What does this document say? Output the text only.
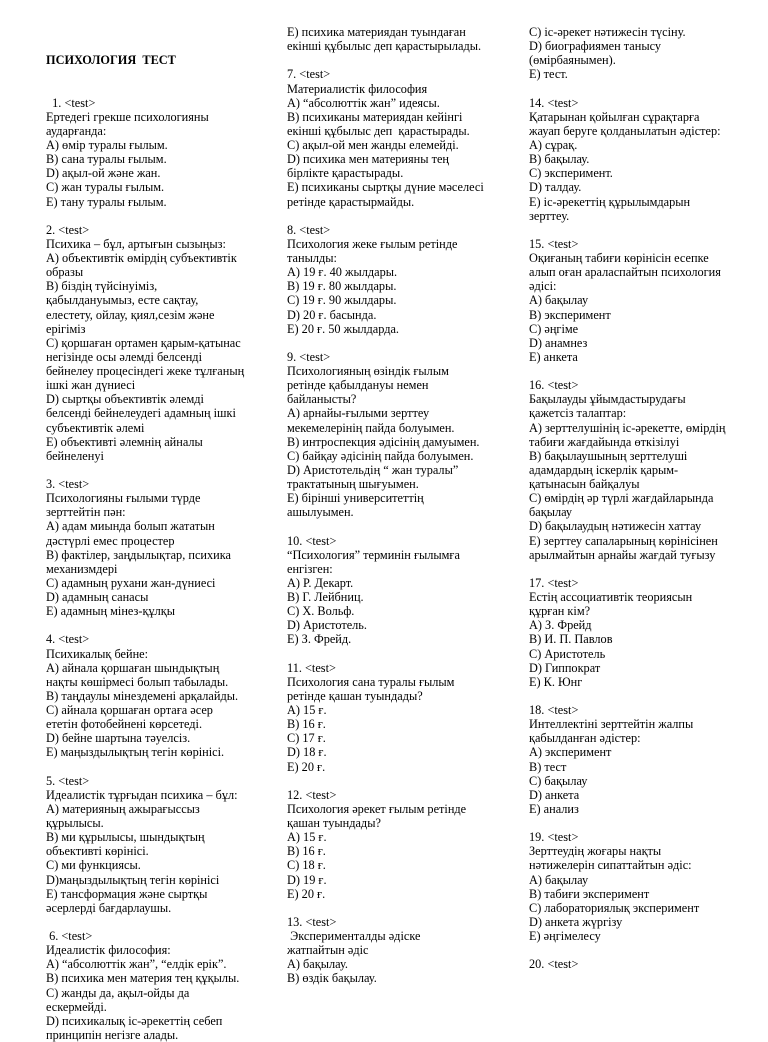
ПСИХОЛОГИЯ  ТЕСТ

1. <test>
Ертедегі грекше психологияны
аударғанда:
A) өмір туралы ғылым.
B) сана туралы ғылым.
D) ақыл-ой және жан.
C) жан туралы ғылым.
E) тану туралы ғылым.
2. <test>
Психика – бұл, артығын сызыңыз:
A) объективтік өмірдің субъективтік
образы
B) біздің түйсінуіміз,
қабылдануымыз, есте сақтау,
елестету, ойлау, қиял,сезім және
ерігіміз
C) қоршаған ортамен қарым-қатынас
негізінде осы әлемді белсенді
бейнелеу процесіндегі жеке тұлғаның
ішкі жан дүниесі
D) сыртқы объективтік әлемді
белсенді бейнелеудегі адамның ішкі
субъективтік әлемі
E) объективті әлемнің айналы
бейнеленуі
3. <test>
Психологияны ғылыми түрде
зерттейтін пән:
A) адам миында болып жататын
дәстүрлі емес процестер
B) фактілер, заңдылықтар, психика
механизмдері
C) адамның рухани жан-дүниесі
D) адамның санасы
E) адамның мінез-құлқы
4. <test>
Психикалық бейне:
A) айнала қоршаған шындықтың
нақты көшірмесі болып табылады.
B) таңдаулы мінездемені арқалайды.
C) айнала қоршаған ортаға әсер
ететін фотобейнені көрсетеді.
D) бейне шартына тәуелсіз.
E) маңыздылықтың тегін көрінісі.
5. <test>
Идеалистік тұрғыдан психика – бұл:
A) материяның ажырағыссыз
құрылысы.
B) ми құрылысы, шындықтың
объективті көрінісі.
C) ми функциясы.
D)маңыздылықтың тегін көрінісі
E) тансформация және сыртқы
әсерлерді бағдарлаушы.
6. <test>
Идеалистік философия:
A) “абсолюттік жан”, “елдік ерік”.
B) психика мен материя тең құқылы.
C) жанды да, ақыл-ойды да
ескермейді.
D) психикалық іс-әрекеттің себеп
принципін негізге алады.
E) психика материядан туындаған
екінші құбылыс деп қарастырылады.
7. <test>
Материалистік философия
A) “абсолюттік жан” идеясы.
B) психиканы материядан кейінгі
екінші құбылыс деп  қарастырады.
C) ақыл-ой мен жанды елемейді.
D) психика мен материяны тең
бірлікте қарастырады.
E) психиканы сыртқы дүние мәселесі
ретінде қарастырмайды.
8. <test>
Психология жеке ғылым ретінде
танылды:
A) 19 ғ. 40 жылдары.
B) 19 ғ. 80 жылдары.
C) 19 ғ. 90 жылдары.
D) 20 ғ. басында.
E) 20 ғ. 50 жылдарда.
9. <test>
Психологияның өзіндік ғылым
ретінде қабылдануы немен
байланысты?
A) арнайы-ғылыми зерттеу
мекемелерінің пайда болуымен.
B) интроспекция әдісінің дамуымен.
C) байқау әдісінің пайда болуымен.
D) Аристотельдің “ жан туралы”
трактатының шығуымен.
E) бірінші университеттің
ашылуымен.
10. <test>
“Психология” терминін ғылымға
енгізген:
A) Р. Декарт.
B) Г. Лейбниц.
C) Х. Вольф.
D) Аристотель.
E) З. Фрейд.
11. <test>
Психология сана туралы ғылым
ретінде қашан туындады?
A) 15 ғ.
B) 16 ғ.
C) 17 ғ.
D) 18 ғ.
E) 20 ғ.
12. <test>
Психология әрекет ғылым ретінде
қашан туындады?
A) 15 ғ.
B) 16 ғ.
C) 18 ғ.
D) 19 ғ.
E) 20 ғ.
13. <test>
Эксперименталды әдіске
жатпайтын әдіс
A) бақылау.
B) өздік бақылау.
C) іс-әрекет нәтижесін түсіну.
D) биографиямен танысу
(өмірбаянымен).
E) тест.
14. <test>
Қатарынан қойылған сұрақтарға
жауап беруге қолданылатын әдістер:
A) сұрақ.
B) бақылау.
C) эксперимент.
D) талдау.
E) іс-әрекеттің құрылымдарын
зерттеу.
15. <test>
Оқиғаның табиғи көрінісін есепке
алып оған араласпайтын психология
әдісі:
A) бақылау
B) эксперимент
C) әңгіме
D) анамнез
E) анкета
16. <test>
Бақылауды ұйымдастырудағы
қажетсіз талаптар:
A) зерттелушінің іс-әрекетте, өмірдің
табиғи жағдайында өткізілуі
B) бақылаушының зерттелуші
адамдардың іскерлік қарым-
қатынасын байқалуы
C) өмірдің әр түрлі жағдайларында
бақылау
D) бақылаудың нәтижесін хаттау
E) зерттеу сапаларының көрінісінен
арылмайтын арнайы жағдай туғызу
17. <test>
Естің ассоциативтік теориясын
құрған кім?
A) З. Фрейд
B) И. П. Павлов
C) Аристотель
D) Гиппократ
E) К. Юнг
18. <test>
Интеллектіні зерттейтін жалпы
қабылданған әдістер:
A) эксперимент
B) тест
C) бақылау
D) анкета
E) анализ
19. <test>
Зерттеудің жоғары нақты
нәтижелерін сипаттайтын әдіс:
A) бақылау
B) табиғи эксперимент
C) лабораториялық эксперимент
D) анкета жүргізу
E) әңгімелесу
20. <test>
